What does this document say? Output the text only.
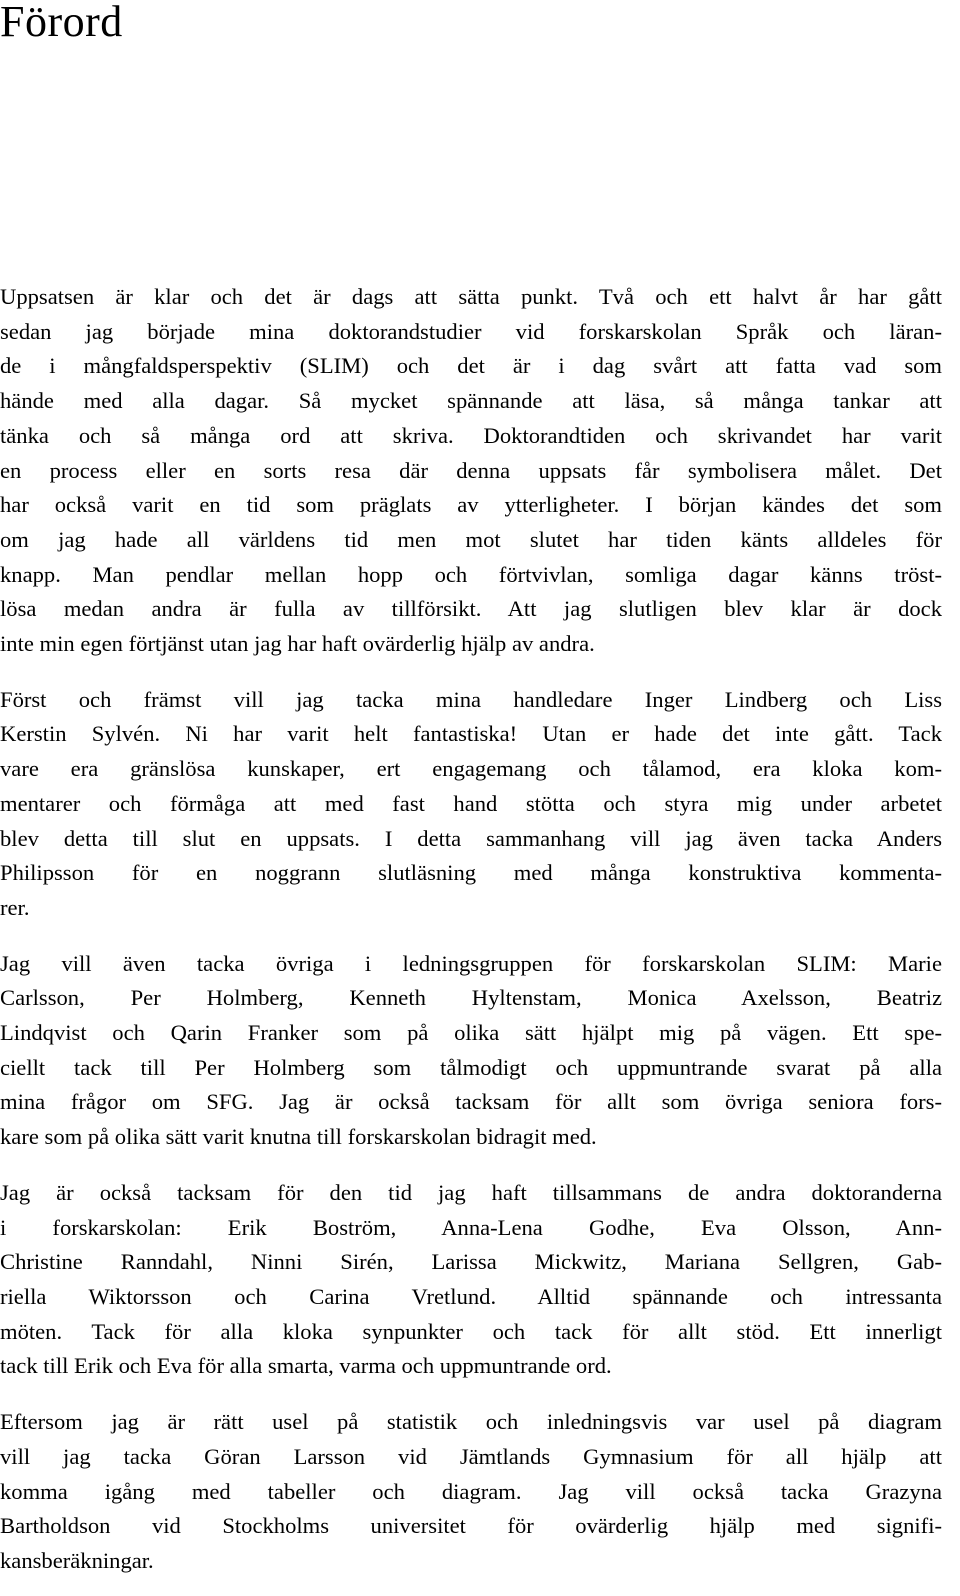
Förord

Uppsatsen är klar och det är dags att sätta punkt. Två och ett halvt år har gått
sedan jag började mina doktorandstudier vid forskarskolan Språk och läran-
de i mångfaldsperspektiv (SLIM) och det är i dag svårt att fatta vad som
hände med alla dagar. Så mycket spännande att läsa, så många tankar att
tänka och så många ord att skriva. Doktorandtiden och skrivandet har varit
en process eller en sorts resa där denna uppsats får symbolisera målet. Det
har också varit en tid som präglats av ytterligheter. I början kändes det som
om jag hade all världens tid men mot slutet har tiden känts alldeles för
knapp. Man pendlar mellan hopp och förtvivlan, somliga dagar känns tröst-
lösa medan andra är fulla av tillförsikt. Att jag slutligen blev klar är dock
inte min egen förtjänst utan jag har haft ovärderlig hjälp av andra.

Först och främst vill jag tacka mina handledare Inger Lindberg och Liss
Kerstin Sylvén. Ni har varit helt fantastiska! Utan er hade det inte gått. Tack
vare era gränslösa kunskaper, ert engagemang och tålamod, era kloka kom-
mentarer och förmåga att med fast hand stötta och styra mig under arbetet
blev detta till slut en uppsats. I detta sammanhang vill jag även tacka Anders
Philipsson för en noggrann slutläsning med många konstruktiva kommenta-
rer.

Jag vill även tacka övriga i ledningsgruppen för forskarskolan SLIM: Marie
Carlsson, Per Holmberg, Kenneth Hyltenstam, Monica Axelsson, Beatriz
Lindqvist och Qarin Franker som på olika sätt hjälpt mig på vägen. Ett spe-
ciellt tack till Per Holmberg som tålmodigt och uppmuntrande svarat på alla
mina frågor om SFG. Jag är också tacksam för allt som övriga seniora fors-
kare som på olika sätt varit knutna till forskarskolan bidragit med.

Jag är också tacksam för den tid jag haft tillsammans de andra doktoranderna
i forskarskolan: Erik Boström, Anna-Lena Godhe, Eva Olsson, Ann-
Christine Ranndahl, Ninni Sirén, Larissa Mickwitz, Mariana Sellgren, Gab-
riella Wiktorsson och Carina Vretlund. Alltid spännande och intressanta
möten. Tack för alla kloka synpunkter och tack för allt stöd. Ett innerligt
tack till Erik och Eva för alla smarta, varma och uppmuntrande ord.

Eftersom jag är rätt usel på statistik och inledningsvis var usel på diagram
vill jag tacka Göran Larsson vid Jämtlands Gymnasium för all hjälp att
komma igång med tabeller och diagram. Jag vill också tacka Grazyna
Bartholdson vid Stockholms universitet för ovärderlig hjälp med signifi-
kansberäkningar.
